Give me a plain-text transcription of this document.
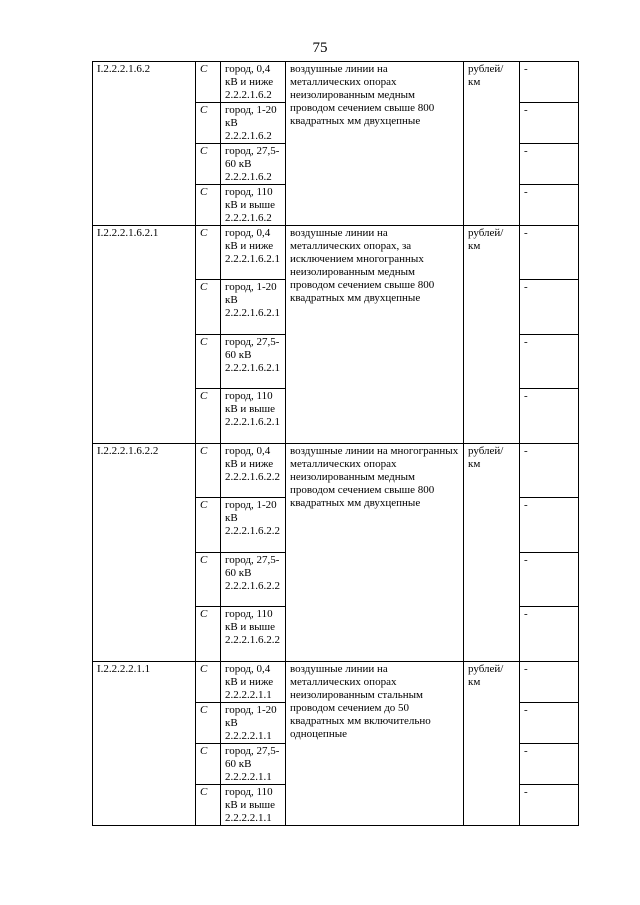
75
I.2.2.2.1.6.2	С	город, 0,4 кВ и ниже 2.2.2.1.6.2	воздушные линии на металлических опорах неизолированным медным проводом сечением свыше 800 квадратных мм двухцепные	рублей/ км	-
	С	город, 1-20 кВ 2.2.2.1.6.2			-
	С	город, 27,5-60 кВ 2.2.2.1.6.2			-
	С	город, 110 кВ и выше 2.2.2.1.6.2			-
I.2.2.2.1.6.2.1	С	город, 0,4 кВ и ниже 2.2.2.1.6.2.1	воздушные линии на металлических опорах, за исключением многогранных неизолированным медным проводом сечением свыше 800 квадратных мм двухцепные	рублей/ км	-
	С	город, 1-20 кВ 2.2.2.1.6.2.1			-
	С	город, 27,5-60 кВ 2.2.2.1.6.2.1			-
	С	город, 110 кВ и выше 2.2.2.1.6.2.1			-
I.2.2.2.1.6.2.2	С	город, 0,4 кВ и ниже 2.2.2.1.6.2.2	воздушные линии на многогранных металлических опорах неизолированным медным проводом сечением свыше 800 квадратных мм двухцепные	рублей/ км	-
	С	город, 1-20 кВ 2.2.2.1.6.2.2			-
	С	город, 27,5-60 кВ 2.2.2.1.6.2.2			-
	С	город, 110 кВ и выше 2.2.2.1.6.2.2			-
I.2.2.2.2.1.1	С	город, 0,4 кВ и ниже 2.2.2.2.1.1	воздушные линии на металлических опорах неизолированным стальным проводом сечением до 50 квадратных мм включительно одноцепные	рублей/ км	-
	С	город, 1-20 кВ 2.2.2.2.1.1			-
	С	город, 27,5-60 кВ 2.2.2.2.1.1			-
	С	город, 110 кВ и выше 2.2.2.2.1.1			-
